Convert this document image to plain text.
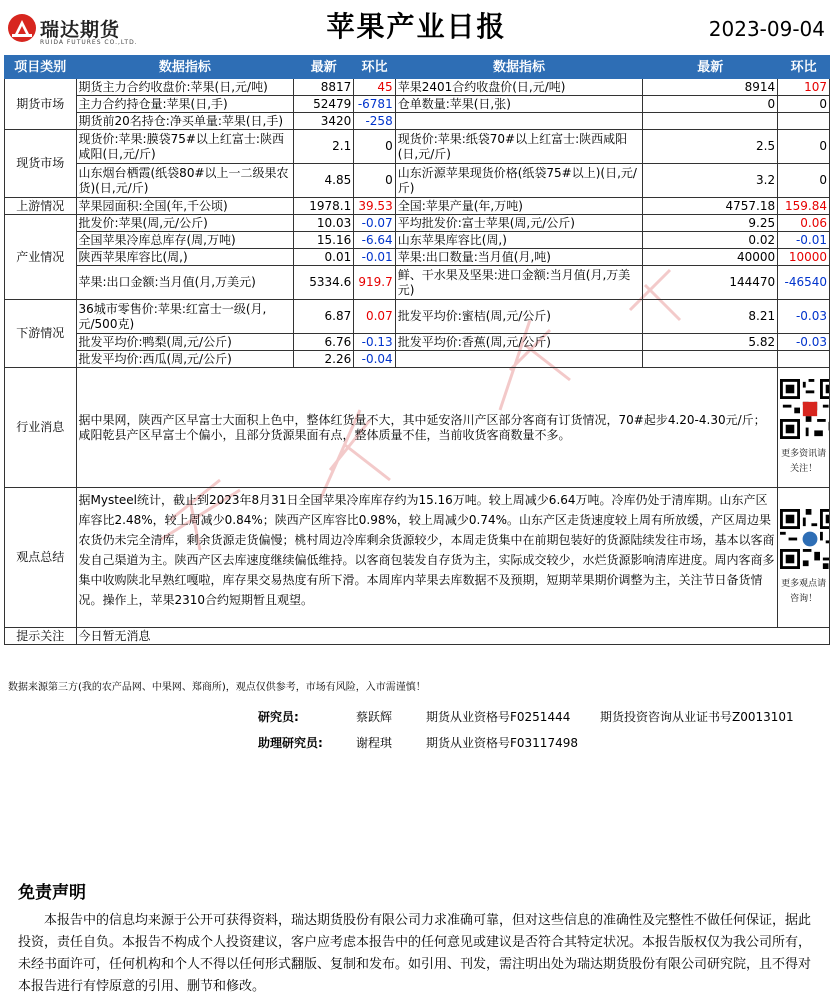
瑞达期货
RUIDA FUTURES CO.,LTD.	苹果产业日报	2023-09-04
项目类别	数据指标	最新	环比	数据指标	最新	环比
期货市场	期货主力合约收盘价:苹果(日,元/吨)	8817	45	苹果2401合约收盘价(日,元/吨)	8914	107
	主力合约持仓量:苹果(日,手)	52479	-6781	仓单数量:苹果(日,张)	0	0
	期货前20名持仓:净买单量:苹果(日,手)	3420	-258			
现货市场	现货价:苹果:膜袋75#以上红富士:陕西咸阳(日,元/斤)	2.1	0	现货价:苹果:纸袋70#以上红富士:陕西咸阳(日,元/斤)	2.5	0
	山东烟台栖霞(纸袋80#以上一二级果农货)(日,元/斤)	4.85	0	山东沂源苹果现货价格(纸袋75#以上)(日,元/斤)	3.2	0
上游情况	苹果园面积:全国(年,千公顷)	1978.1	39.53	全国:苹果产量(年,万吨)	4757.18	159.84
产业情况	批发价:苹果(周,元/公斤)	10.03	-0.07	平均批发价:富士苹果(周,元/公斤)	9.25	0.06
	全国苹果冷库总库存(周,万吨)	15.16	-6.64	山东苹果库容比(周,)	0.02	-0.01
	陕西苹果库容比(周,)	0.01	-0.01	苹果:出口数量:当月值(月,吨)	40000	10000
	苹果:出口金额:当月值(月,万美元)	5334.6	919.7	鲜、干水果及坚果:进口金额:当月值(月,万美元)	144470	-46540
下游情况	36城市零售价:苹果:红富士一级(月,元/500克)	6.87	0.07	批发平均价:蜜桔(周,元/公斤)	8.21	-0.03
	批发平均价:鸭梨(周,元/公斤)	6.76	-0.13	批发平均价:香蕉(周,元/公斤)	5.82	-0.03
	批发平均价:西瓜(周,元/公斤)	2.26	-0.04			
行业消息	据中果网，陕西产区早富士大面积上色中，整体红货量不大，其中延安洛川产区部分客商有订货情况，70#起步4.20-4.30元/斤；咸阳乾县产区早富士个偏小，且部分货源果面有点，整体质量不佳，当前收货客商数量不多。					更多资讯请关注！

观点总结	据Mysteel统计，截止到2023年8月31日全国苹果冷库库存约为15.16万吨。较上周减少6.64万吨。冷库仍处于清库期。山东产区库容比2.48%，较上周减少0.84%；陕西产区库容比0.98%，较上周减少0.74%。山东产区走货速度较上周有所放缓，产区周边果农货仍未完全清库，剩余货源走货偏慢；桃村周边冷库剩余货源较少，本周走货集中在前期包装好的货源陆续发往市场，基本以客商发自己渠道为主。陕西产区去库速度继续偏低维持。以客商包装发自存货为主，实际成交较少，水烂货源影响清库进度。周内客商多集中收购陕北早熟红嘎啦，库存果交易热度有所下滑。本周库内苹果去库数据不及预期，短期苹果期价调整为主，关注节日备货情况。操作上，苹果2310合约短期暂且观望。					更多观点请咨询！

提示关注	今日暂无消息					
数据来源第三方(我的农产品网、中果网、郑商所)，观点仅供参考，市场有风险，入市需谨慎！
研究员:	蔡跃辉	期货从业资格号F0251444 期货投资咨询从业证书号Z0013101
助理研究员:	谢程琪	期货从业资格号F03117498
免责声明
本报告中的信息均来源于公开可获得资料，瑞达期货股份有限公司力求准确可靠，但对这些信息的准确性及完整性不做任何保证，据此投资，责任自负。本报告不构成个人投资建议，客户应考虑本报告中的任何意见或建议是否符合其特定状况。本报告版权仅为我公司所有，未经书面许可，任何机构和个人不得以任何形式翻版、复制和发布。如引用、刊发，需注明出处为瑞达期货股份有限公司研究院，且不得对本报告进行有悖原意的引用、删节和修改。
